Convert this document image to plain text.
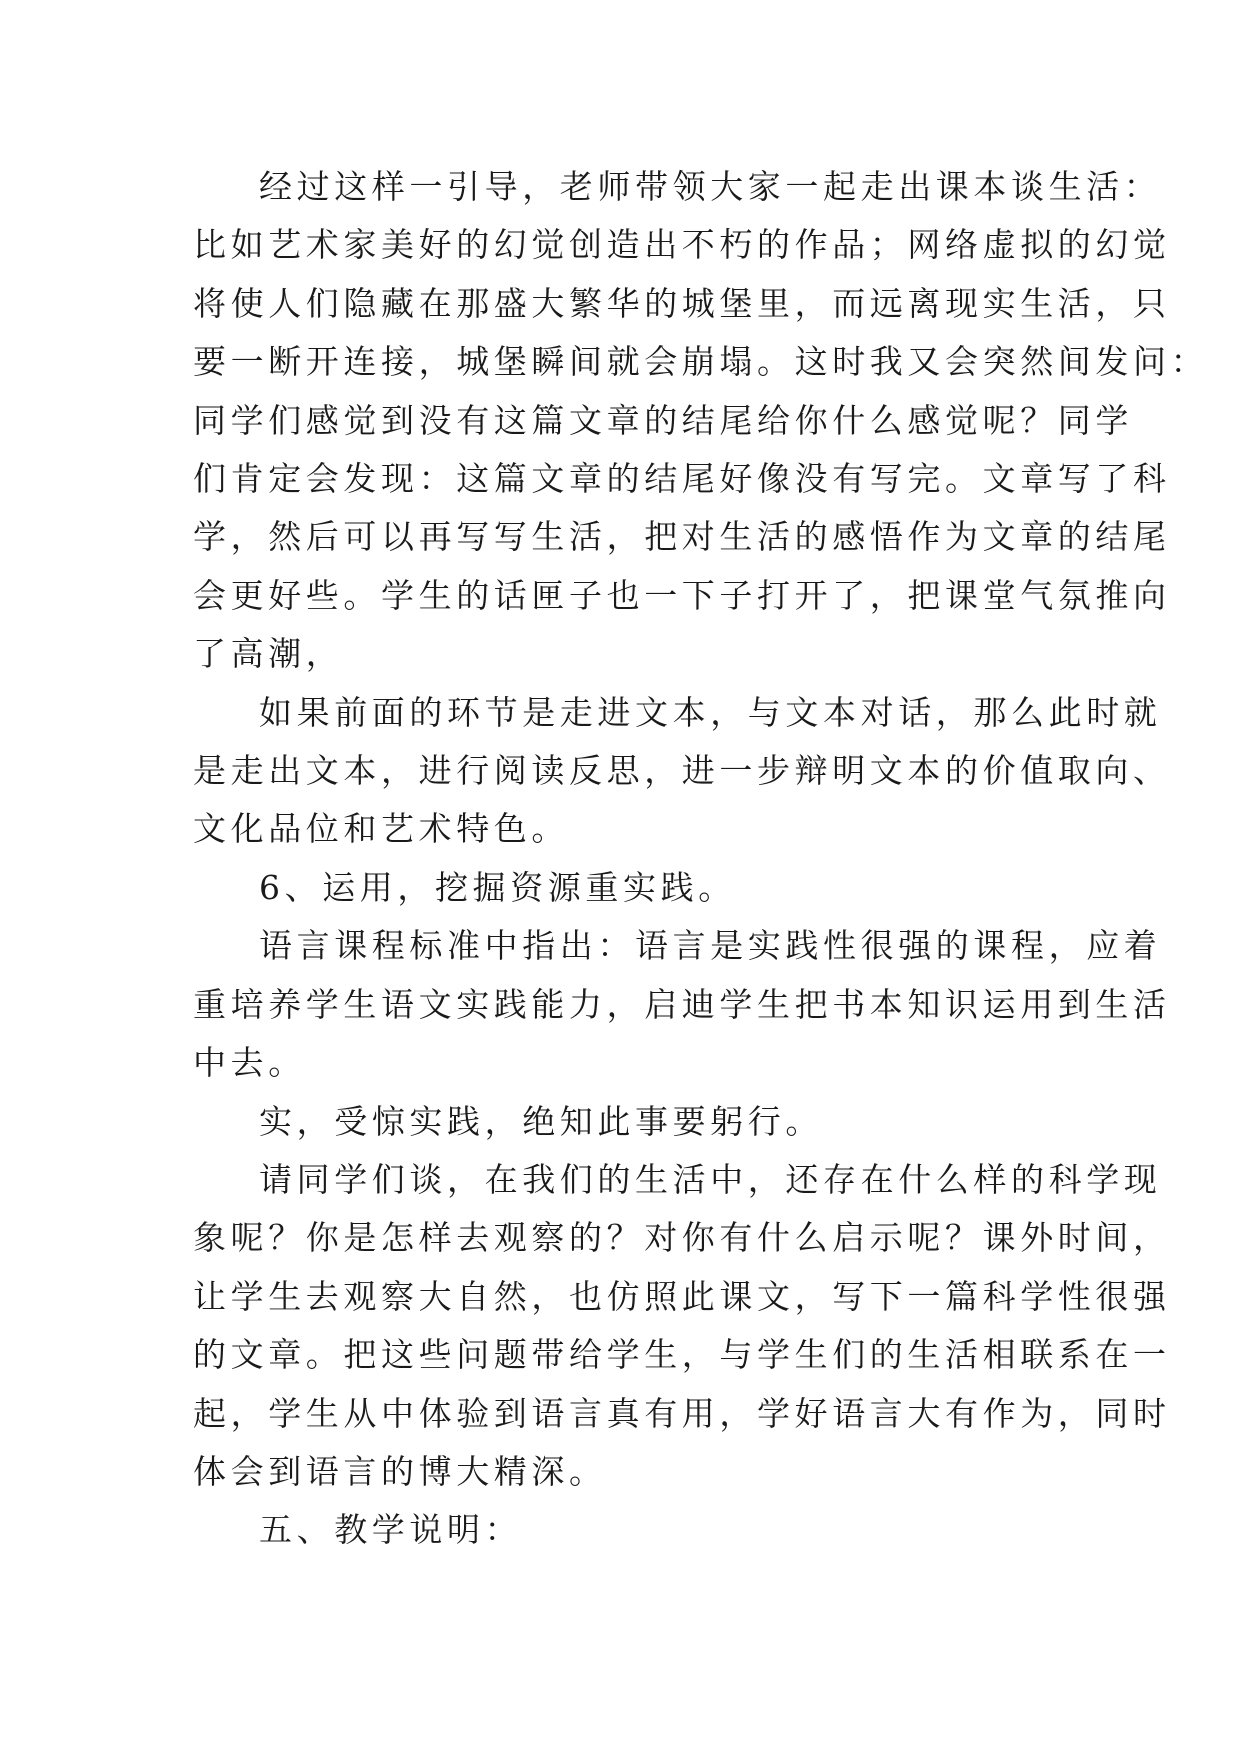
经过这样一引导，老师带领大家一起走出课本谈生活：
比如艺术家美好的幻觉创造出不朽的作品；网络虚拟的幻觉
将使人们隐藏在那盛大繁华的城堡里，而远离现实生活，只
要一断开连接，城堡瞬间就会崩塌。这时我又会突然间发问：
同学们感觉到没有这篇文章的结尾给你什么感觉呢？同学
们肯定会发现：这篇文章的结尾好像没有写完。文章写了科
学，然后可以再写写生活，把对生活的感悟作为文章的结尾
会更好些。学生的话匣子也一下子打开了，把课堂气氛推向
了高潮，
如果前面的环节是走进文本，与文本对话，那么此时就
是走出文本，进行阅读反思，进一步辩明文本的价值取向、
文化品位和艺术特色。
6、运用，挖掘资源重实践。
语言课程标准中指出：语言是实践性很强的课程，应着
重培养学生语文实践能力，启迪学生把书本知识运用到生活
中去。
实，受惊实践，绝知此事要躬行。
请同学们谈，在我们的生活中，还存在什么样的科学现
象呢？你是怎样去观察的？对你有什么启示呢？课外时间，
让学生去观察大自然，也仿照此课文，写下一篇科学性很强
的文章。把这些问题带给学生，与学生们的生活相联系在一
起，学生从中体验到语言真有用，学好语言大有作为，同时
体会到语言的博大精深。
五、教学说明：
